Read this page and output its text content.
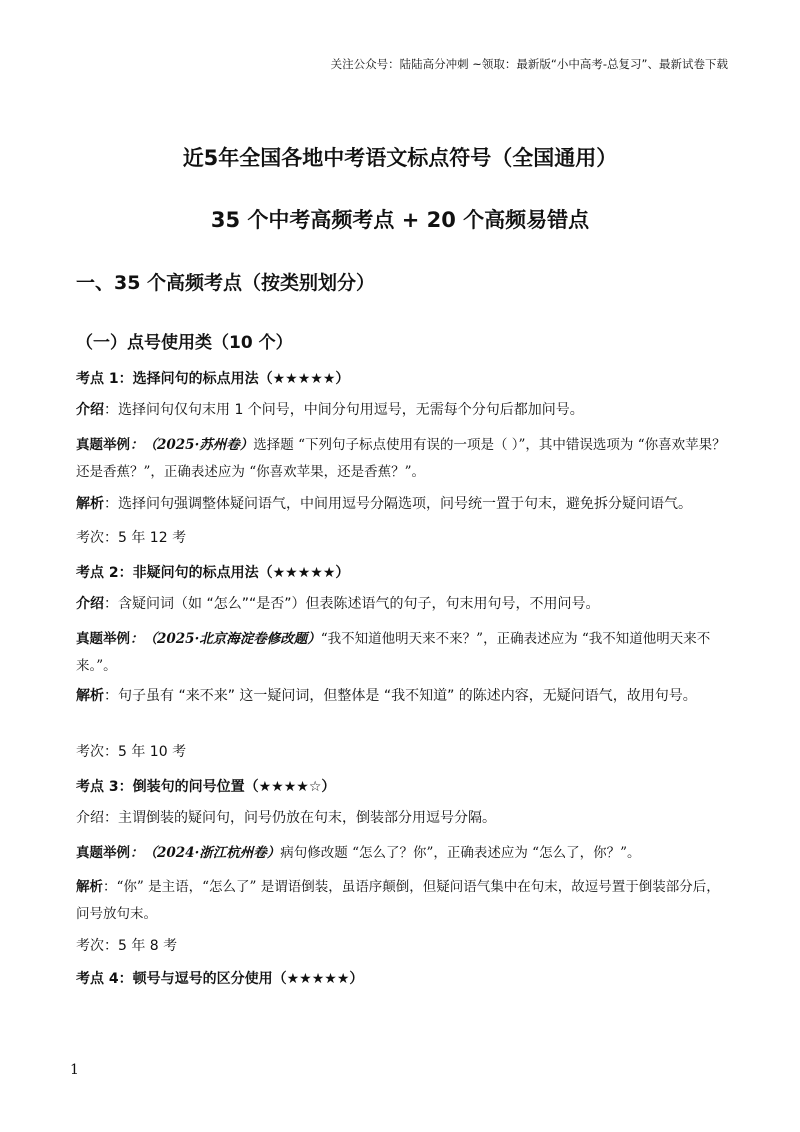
关注公众号：陆陆高分冲刺 ~领取：最新版“小中高考-总复习”、最新试卷下载
近5年全国各地中考语文标点符号（全国通用）
35 个中考高频考点 + 20 个高频易错点
一、35 个高频考点（按类别划分）
（一）点号使用类（10 个）
考点 1：选择问句的标点用法（★★★★★）
介绍：选择问句仅句末用 1 个问号，中间分句用逗号，无需每个分句后都加问号。
真题举例：（2025·苏州卷）选择题 “下列句子标点使用有误的一项是（ ）”，其中错误选项为 “你喜欢苹果？还是香蕉？”，正确表述应为 “你喜欢苹果，还是香蕉？”。
解析：选择问句强调整体疑问语气，中间用逗号分隔选项，问号统一置于句末，避免拆分疑问语气。
考次：5 年 12 考
考点 2：非疑问句的标点用法（★★★★★）
介绍：含疑问词（如 “怎么”“是否”）但表陈述语气的句子，句末用句号，不用问号。
真题举例：（2025·北京海淀卷修改题）“我不知道他明天来不来？”，正确表述应为 “我不知道他明天来不来。”。
解析：句子虽有 “来不来” 这一疑问词，但整体是 “我不知道” 的陈述内容，无疑问语气，故用句号。
考次：5 年 10 考
考点 3：倒装句的问号位置（★★★★☆）
介绍：主谓倒装的疑问句，问号仍放在句末，倒装部分用逗号分隔。
真题举例：（2024·浙江杭州卷）病句修改题 “怎么了？你”，正确表述应为 “怎么了，你？”。
解析：“你” 是主语，“怎么了” 是谓语倒装，虽语序颠倒，但疑问语气集中在句末，故逗号置于倒装部分后，问号放句末。
考次：5 年 8 考
考点 4：顿号与逗号的区分使用（★★★★★）
1
